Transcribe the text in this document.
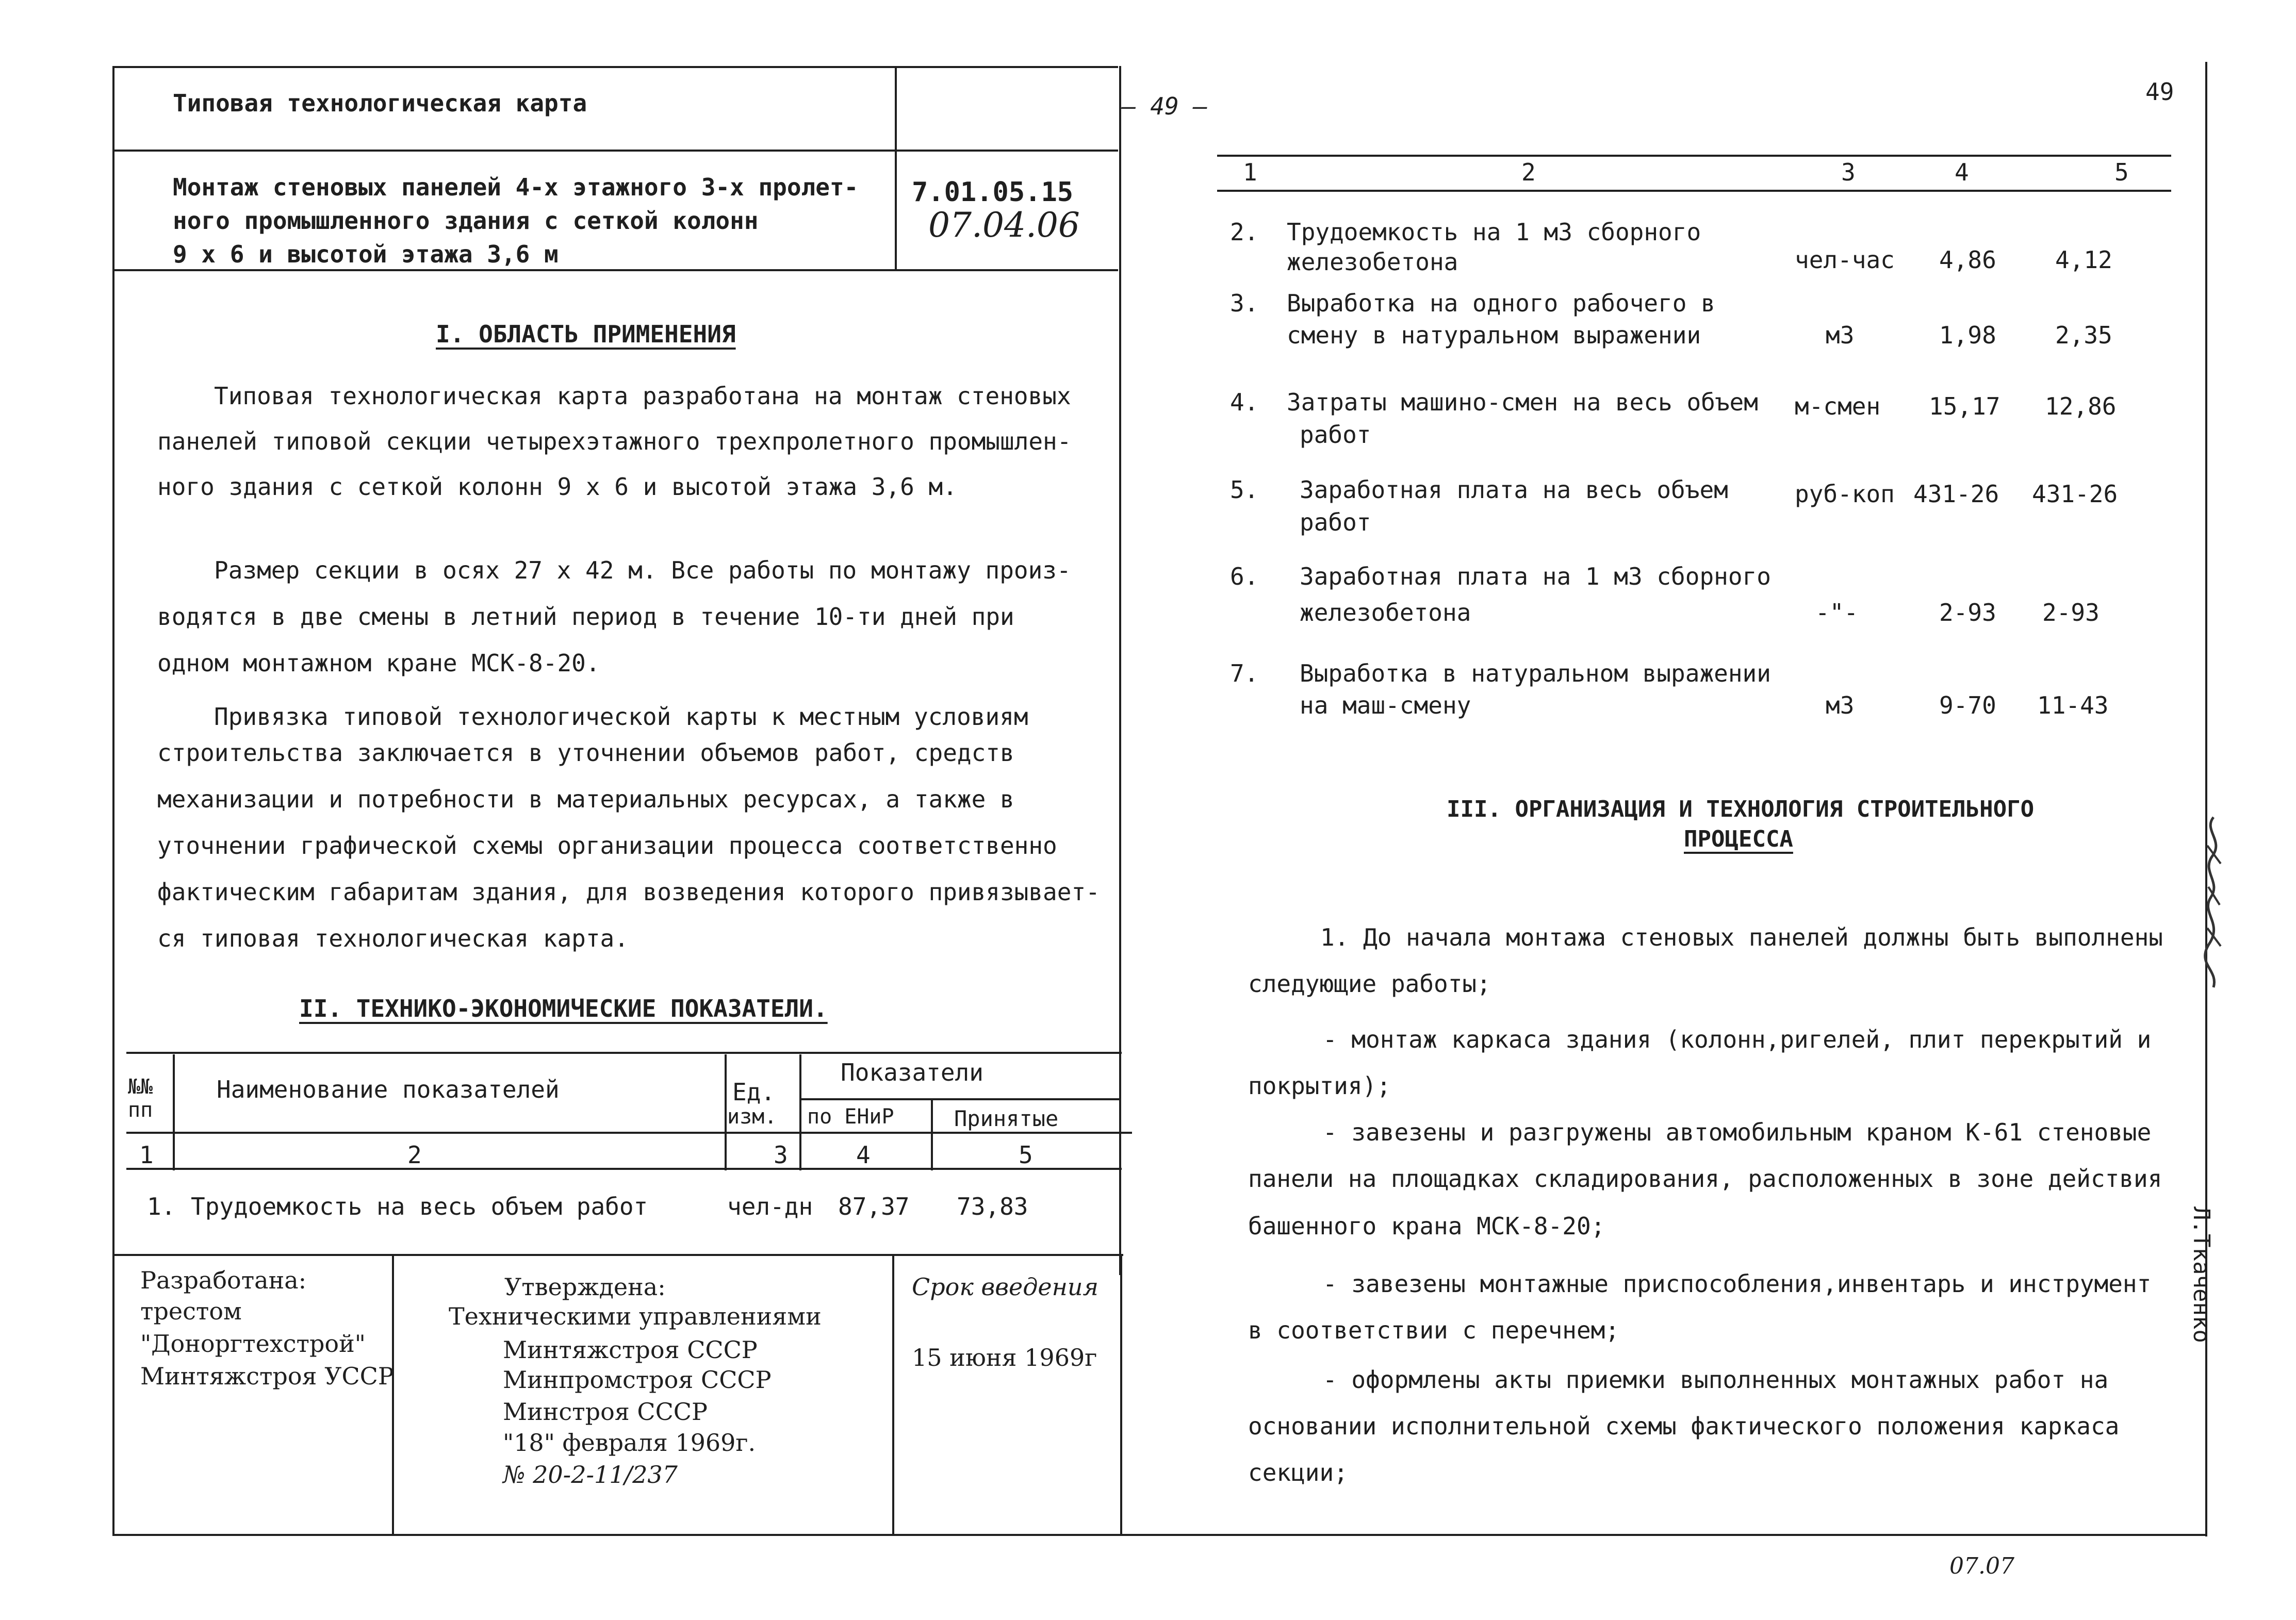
49
— 49 —
Типовая технологическая карта
Монтаж стеновых панелей 4-х этажного 3-х пролет-
ного промышленного здания с сеткой колонн
9 х 6 и высотой этажа 3,6 м
7.01.05.15
07.04.06
I. ОБЛАСТЬ ПРИМЕНЕНИЯ
Типовая технологическая карта разработана на монтаж стеновых
панелей типовой секции четырехэтажного трехпролетного промышлен-
ного здания с сеткой колонн 9 х 6 и высотой этажа 3,6 м.
Размер секции в осях 27 х 42 м. Все работы по монтажу произ-
водятся в две смены в летний период в течение 10-ти дней при
одном монтажном кране МСК-8-20.
Привязка типовой технологической карты к местным условиям
строительства заключается в уточнении объемов работ, средств
механизации и потребности в материальных ресурсах, а также в
уточнении графической схемы организации процесса соответственно
фактическим габаритам здания, для возведения которого привязывает-
ся типовая технологическая карта.
II. ТЕХНИКО-ЭКОНОМИЧЕСКИЕ ПОКАЗАТЕЛИ.
№№
пп
Наименование показателей	Ед.
изм.
Показатели
по ЕНиР	Принятые
1	2	3	4	5
1. Трудоемкость на весь объем работ	чел-дн 87,37 73,83
Разработана:
трестом
"Доноргтехстрой"
Минтяжстроя УССР
Утверждена:
Техническими управлениями
Минтяжстроя СССР
Минпромстроя СССР
Минстроя СССР
"18" февраля 1969г.
№ 20-2-11/237
Срок введения
15 июня 1969г
1	2	3	4	5
2. Трудоемкость на 1 м3 сборного
железобетона	чел-час 4,86 4,12
3. Выработка на одного рабочего в
смену в натуральном выражении	м3	1,98 2,35
4. Затраты машино-смен на весь объем
работ
м-смен 15,17 12,86
5. Заработная плата на весь объем
работ
руб-коп 431-26 431-26
6. Заработная плата на 1 м3 сборного
железобетона	-"-	2-93 2-93
7. Выработка в натуральном выражении
на маш-смену	м3	9-70 11-43
III. ОРГАНИЗАЦИЯ И ТЕХНОЛОГИЯ СТРОИТЕЛЬНОГО
ПРОЦЕССА
1. До начала монтажа стеновых панелей должны быть выполнены
следующие работы;
- монтаж каркаса здания (колонн,ригелей, плит перекрытий и
покрытия);
- завезены и разгружены автомобильным краном К-61 стеновые
панели на площадках складирования, расположенных в зоне действия
башенного крана МСК-8-20;
- завезены монтажные приспособления,инвентарь и инструмент
в соответствии с перечнем;
- оформлены акты приемки выполненных монтажных работ на
основании исполнительной схемы фактического положения каркаса
секции;
Л.Ткаченко
07.07
